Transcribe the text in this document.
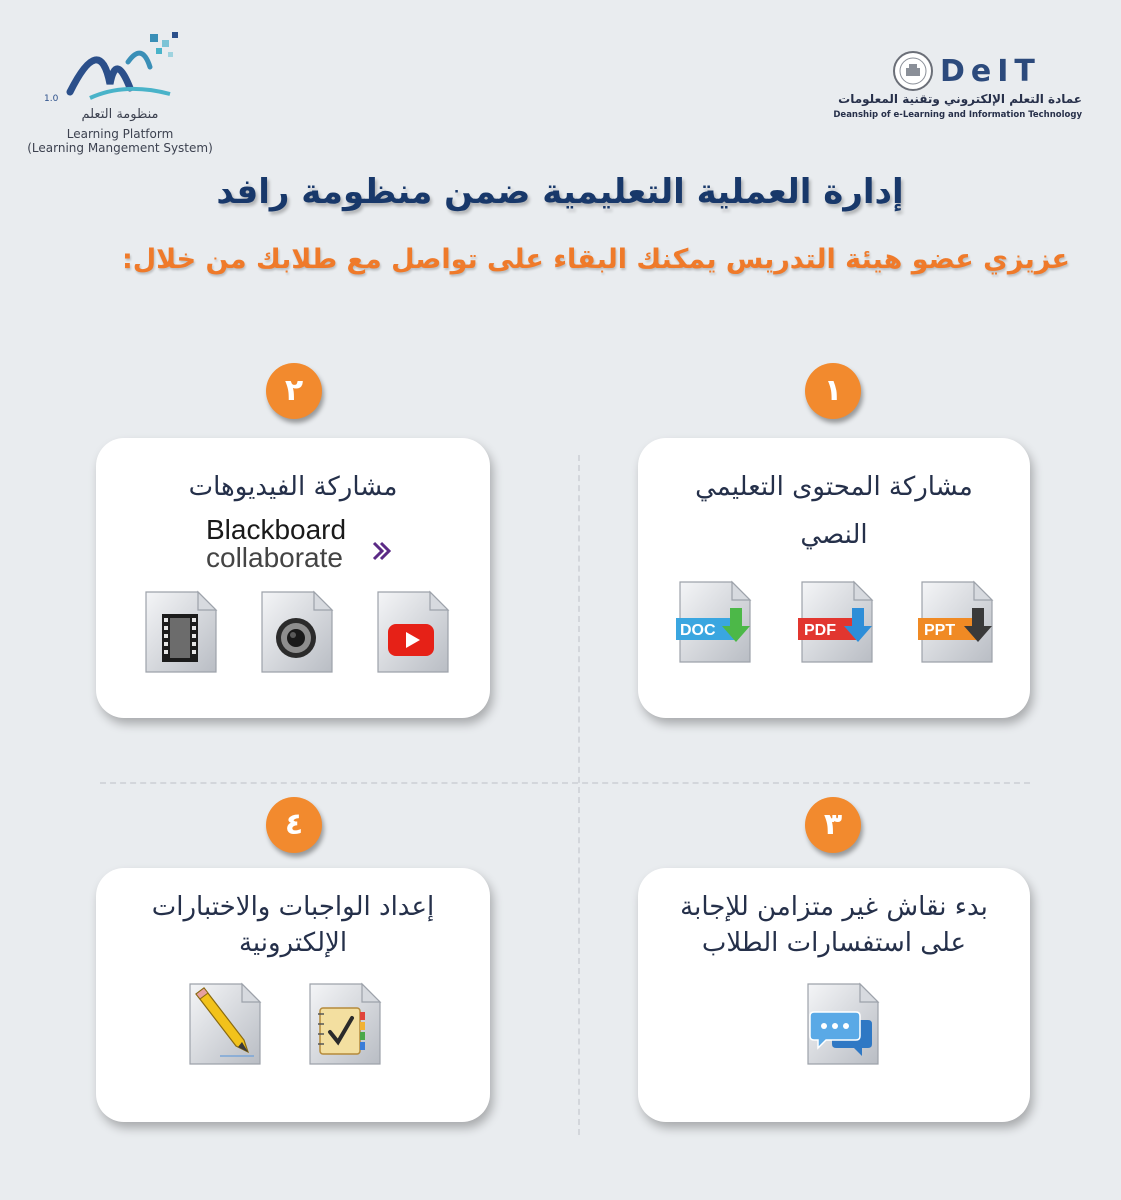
1.0
منظومة التعلم
Learning Platform
(Learning Mangement System)
DeIT
عمادة التعلم الإلكتروني وتقنية المعلومات
Deanship of e-Learning and Information Technology
إدارة العملية التعليمية ضمن منظومة رافد
عزيزي عضو هيئة التدريس يمكنك البقاء على تواصل مع طلابك من خلال:
١
٢
٣
٤
مشاركة المحتوى التعليمي
النصي
PPT
PDF
DOC
مشاركة الفيديوهات
Blackboard
collaborate
بدء نقاش غير متزامن للإجابة
على استفسارات الطلاب
إعداد الواجبات والاختبارات
الإلكترونية
